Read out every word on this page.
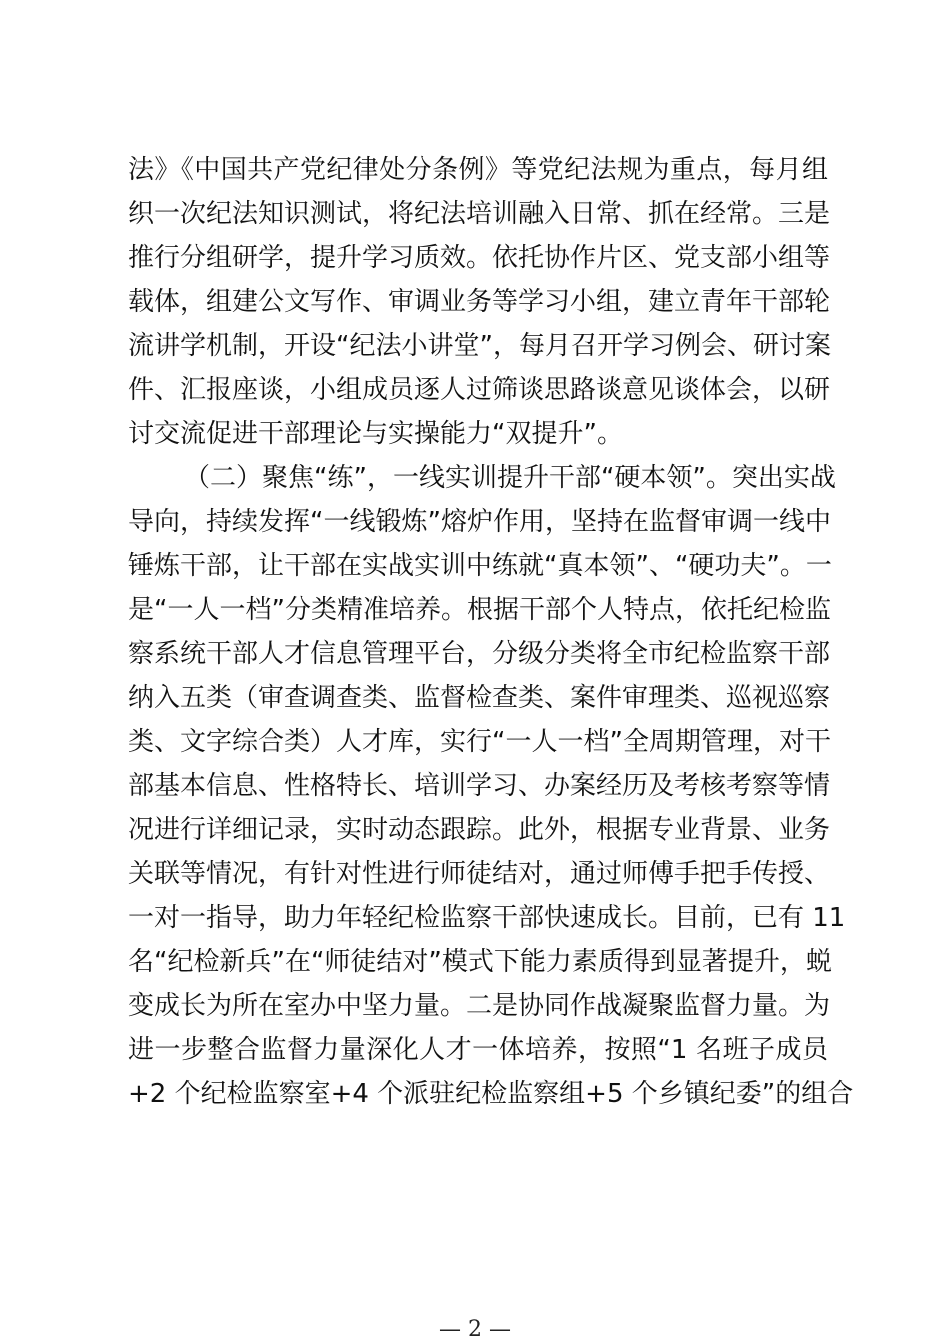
法》《中国共产党纪律处分条例》等党纪法规为重点，每月组
织一次纪法知识测试，将纪法培训融入日常、抓在经常。三是
推行分组研学，提升学习质效。依托协作片区、党支部小组等
载体，组建公文写作、审调业务等学习小组，建立青年干部轮
流讲学机制，开设“纪法小讲堂”，每月召开学习例会、研讨案
件、汇报座谈，小组成员逐人过筛谈思路谈意见谈体会，以研
讨交流促进干部理论与实操能力“双提升”。
（二）聚焦“练”，一线实训提升干部“硬本领”。突出实战
导向，持续发挥“一线锻炼”熔炉作用，坚持在监督审调一线中
锤炼干部，让干部在实战实训中练就“真本领”、“硬功夫”。一
是“一人一档”分类精准培养。根据干部个人特点，依托纪检监
察系统干部人才信息管理平台，分级分类将全市纪检监察干部
纳入五类（审查调查类、监督检查类、案件审理类、巡视巡察
类、文字综合类）人才库，实行“一人一档”全周期管理，对干
部基本信息、性格特长、培训学习、办案经历及考核考察等情
况进行详细记录，实时动态跟踪。此外，根据专业背景、业务
关联等情况，有针对性进行师徒结对，通过师傅手把手传授、
一对一指导，助力年轻纪检监察干部快速成长。目前，已有 11
名“纪检新兵”在“师徒结对”模式下能力素质得到显著提升，蜕
变成长为所在室办中坚力量。二是协同作战凝聚监督力量。为
进一步整合监督力量深化人才一体培养，按照“1 名班子成员
+2 个纪检监察室+4 个派驻纪检监察组+5 个乡镇纪委”的组合
— 2 —
